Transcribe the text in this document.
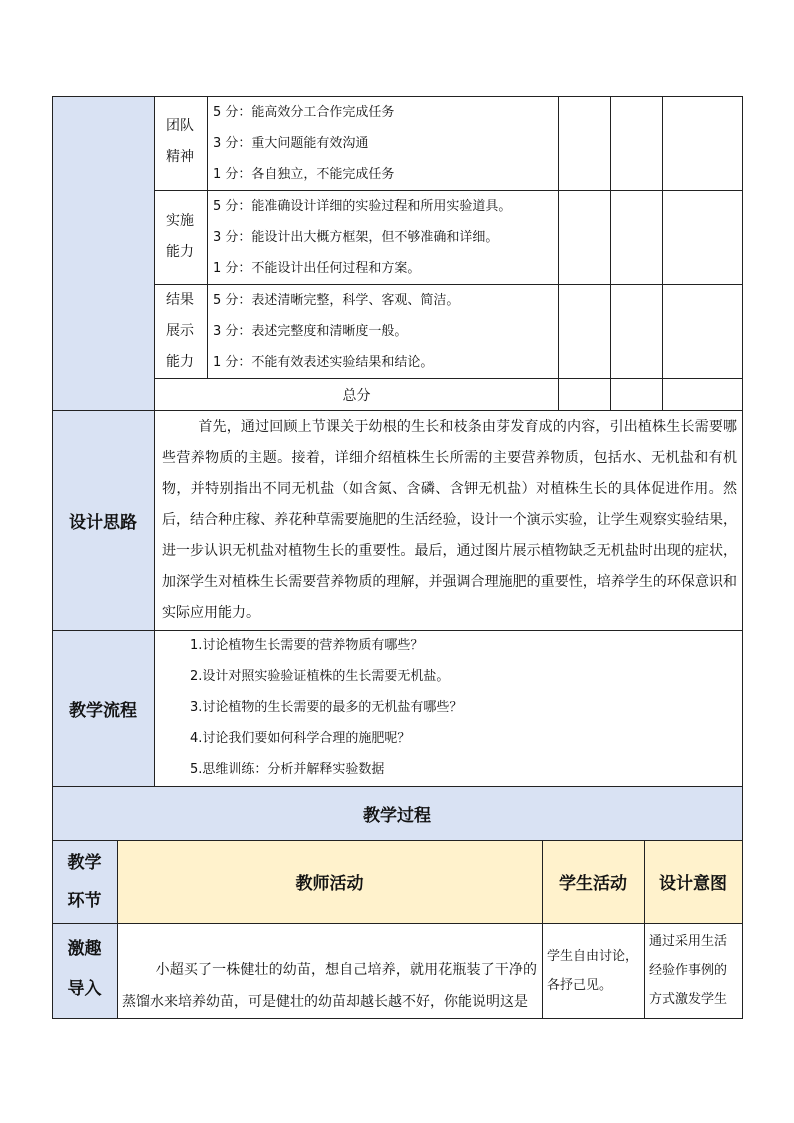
团队
精神
5 分：能高效分工合作完成任务
3 分：重大问题能有效沟通
1 分：各自独立，不能完成任务
实施
能力
5 分：能准确设计详细的实验过程和所用实验道具。
3 分：能设计出大概方框架，但不够准确和详细。
1 分：不能设计出任何过程和方案。
结果
展示
能力
5 分：表述清晰完整，科学、客观、简洁。
3 分：表述完整度和清晰度一般。
1 分：不能有效表述实验结果和结论。
总分
设计思路
首先，通过回顾上节课关于幼根的生长和枝条由芽发育成的内容，引出植株生长需要哪些营养物质的主题。接着，详细介绍植株生长所需的主要营养物质，包括水、无机盐和有机物，并特别指出不同无机盐（如含氮、含磷、含钾无机盐）对植株生长的具体促进作用。然后，结合种庄稼、养花种草需要施肥的生活经验，设计一个演示实验，让学生观察实验结果，进一步认识无机盐对植物生长的重要性。最后，通过图片展示植物缺乏无机盐时出现的症状，加深学生对植株生长需要营养物质的理解，并强调合理施肥的重要性，培养学生的环保意识和实际应用能力。
教学流程
1.讨论植物生长需要的营养物质有哪些？
2.设计对照实验验证植株的生长需要无机盐。
3.讨论植物的生长需要的最多的无机盐有哪些？
4.讨论我们要如何科学合理的施肥呢？
5.思维训练：分析并解释实验数据
教学过程
教学
环节
教师活动	学生活动 设计意图
激趣
导入
小超买了一株健壮的幼苗，想自己培养，就用花瓶装了干净的蒸馏水来培养幼苗，可是健壮的幼苗却越长越不好，你能说明这是
学生自由讨论，各抒己见。
通过采用生活经验作事例的方式激发学生
